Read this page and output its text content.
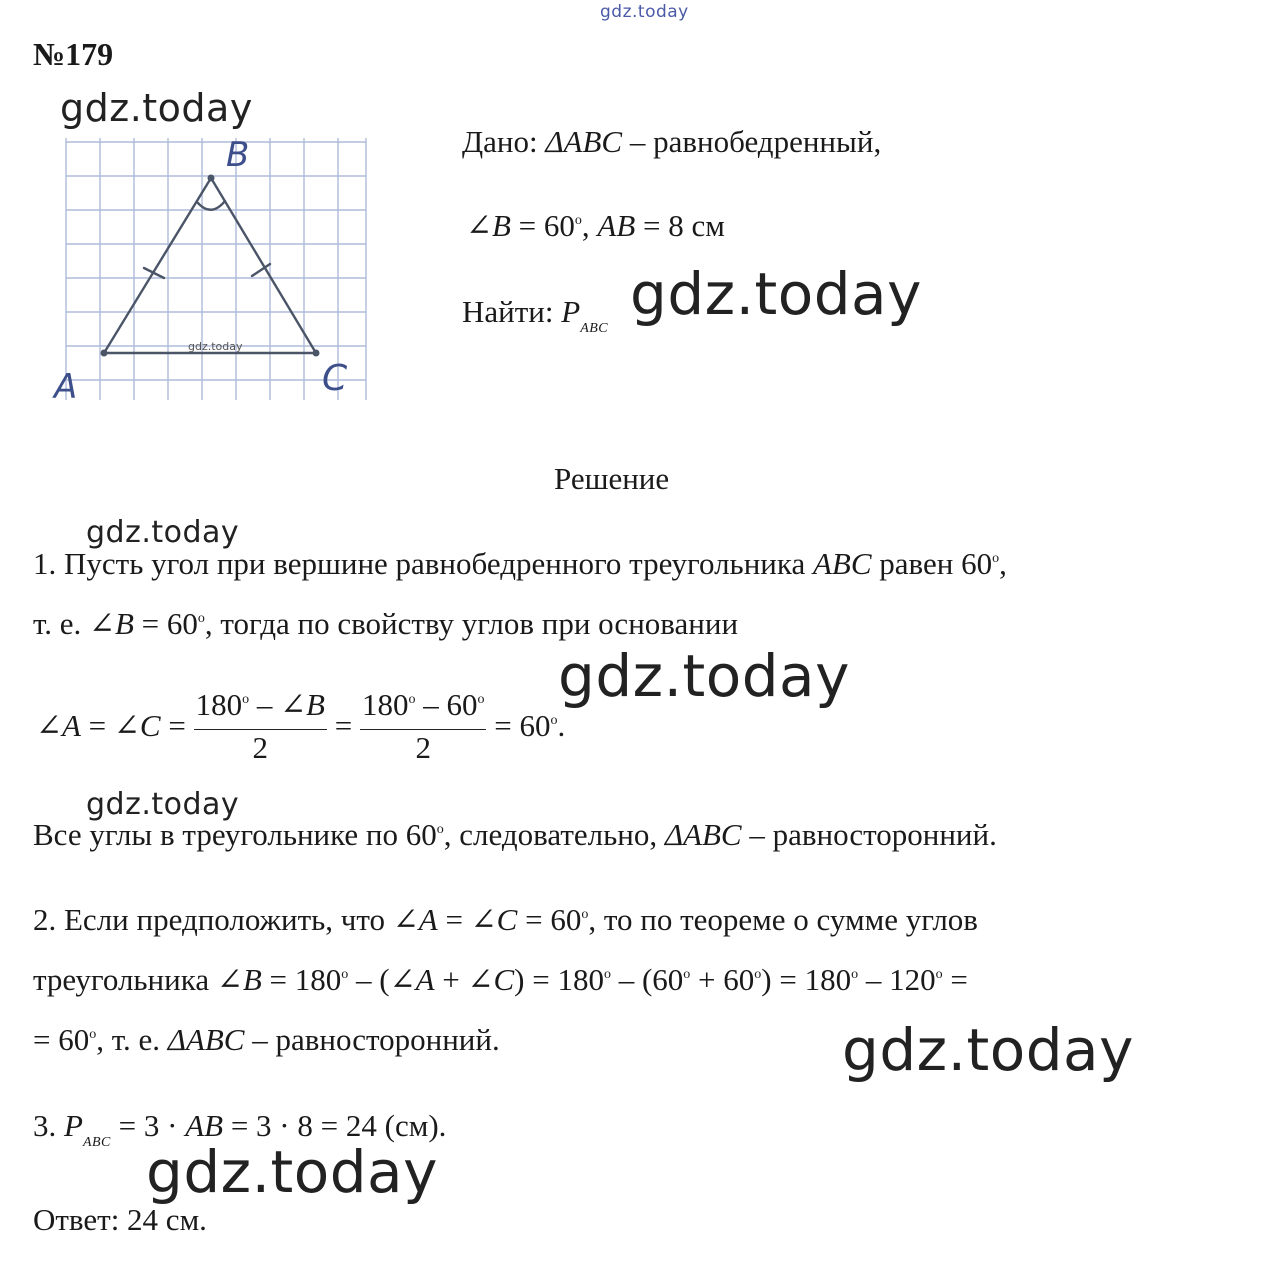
gdz.today
№179
gdz.today
B
A	C
gdz.today
Дано: ΔABC – равнобедренный,
∠B = $60^o$, AB = 8 см
Найти: $P_{ABC}$
gdz.today
Решение
gdz.today
1. Пусть угол при вершине равнобедренного треугольника ABC равен 60$^o$,
т. е. ∠B = $60^o$, тогда по свойству углов при основании
gdz.today
∠A = ∠C = $\frac{180^o - \angle B}{2} = \frac{180^o - 60^o}{2} = 60^o$.
gdz.today
Все углы в треугольнике по 60$^o$, следовательно, ΔABC – равносторонний.
2. Если предположить, что ∠A = ∠C = $60^o$, то по теореме о сумме углов
треугольника ∠B = $180^o$ – (∠A + ∠C) = $180^o - (60^o + 60^o) = 180^o - 120^o$ =
= $60^o$, т. е. ΔABC – равносторонний.	gdz.today
3. $P_{ABC} = 3$ · AB = 3 · 8 = 24 (см).
gdz.today
Ответ: 24 см.
